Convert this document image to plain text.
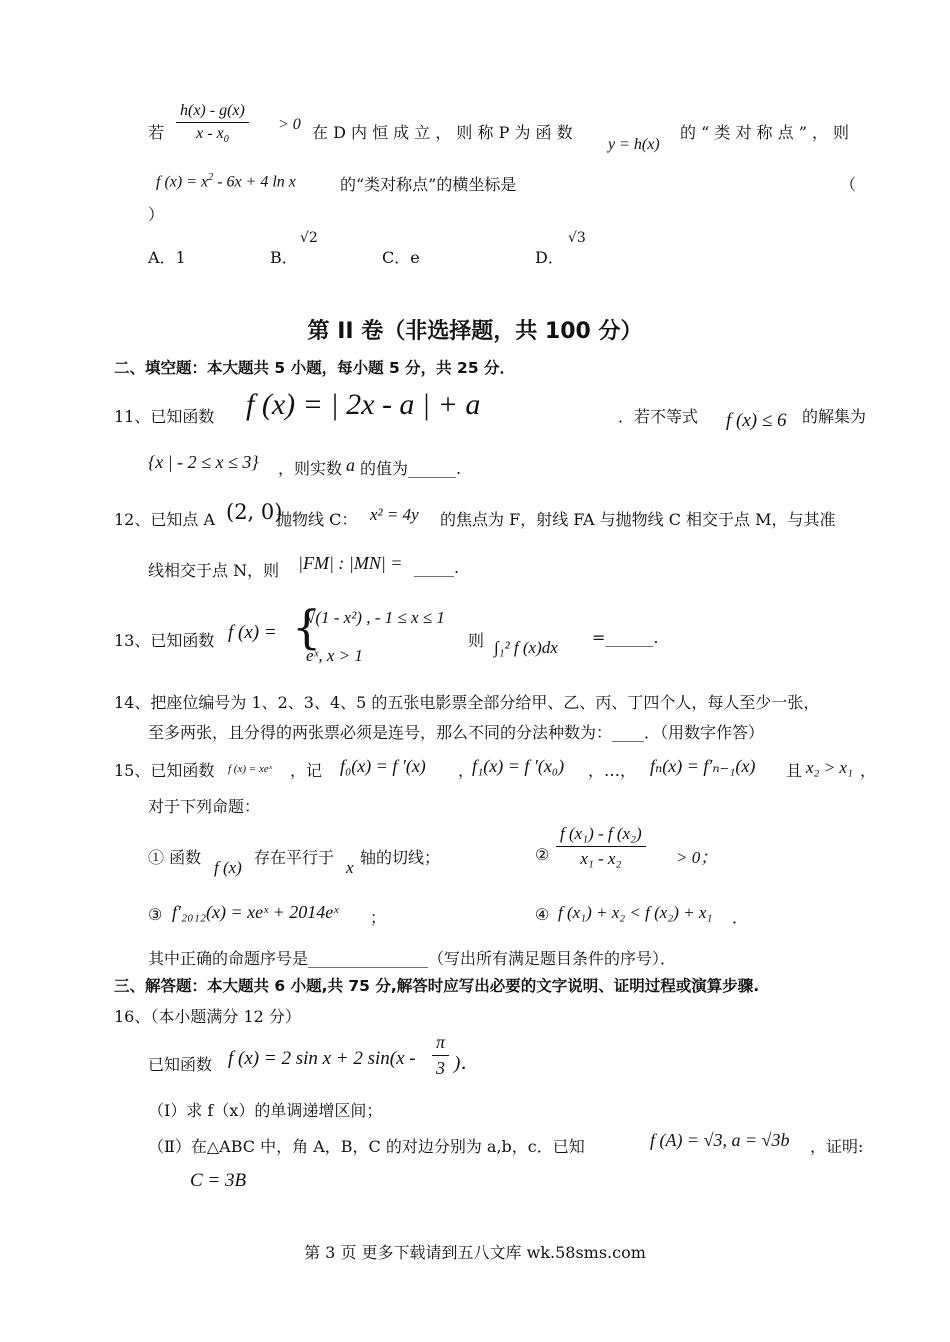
若 $\frac{h(x) - g(x)}{x - x_0} > 0$ 在 D 内 恒 成 立 ， 则 称 P 为 函 数
y = h(x)
的 “ 类 对 称 点 ” ， 则
f $(x) = x^2 - 6x + 4$ ln x	的“类对称点”的横坐标是	（
）
A．1	B．
√2
C．e	D．
√3
第 II 卷（非选择题，共 100 分）
二、填空题：本大题共 5 小题，每小题 5 分，共 25 分．
11、已知函数 f (x) = | 2x - a | + a	．若不等式 f (x) ≤ 6 的解集为
{x | - 2 ≤ x ≤ 3} ，则实数 a 的值为______.
12、已知点 A (2, 0)
抛物线 C： x² = 4y 的焦点为 F，射线 FA 与抛物线 C 相交于点 M，与其准
线相交于点 N，则 |FM| : |MN| = _____.
13、已知函数 f (x) = {
√(1 - x²) , - 1 ≤ x ≤ 1
eˣ, x > 1
则 ∫₁² f (x)dx
=______.
14、把座位编号为 1、2、3、4、5 的五张电影票全部分给甲、乙、丙、丁四个人，每人至少一张，
至多两张，且分得的两张票必须是连号，那么不同的分法种数为：____．（用数字作答）
15、已知函数 f (x) = xeˣ ，记 f₀(x) = f ′(x) ，
f₁(x) = f ′(x₀) ，…， fₙ(x) = f′ₙ₋₁(x) 且 x₂ > x₁ ，
对于下列命题：
① 函数
f (x)
存在平行于
x
轴的切线；	② $\frac{\text{f (x₁) - f (x₂)}}{\text{x₁ - x₂}} > 0$；
③ f′₂₀₁₂(x) = xeˣ + 2014eˣ ；	④ f (x₁) + x₂ < f (x₂) + x₁ ．
其中正确的命题序号是_______________（写出所有满足题目条件的序号）．
三、解答题：本大题共 6 小题,共 75 分,解答时应写出必要的文字说明、证明过程或演算步骤.
16、（本小题满分 12 分）
已知函数 f (x) = 2 sin x + 2 $\sin(x - \frac{\pi}{3}$ )．
（Ⅰ）求 f（x）的单调递增区间；
（Ⅱ）在△ABC 中，角 A，B，C 的对边分别为 a,b，c．已知	f (A) = √3, a = √3b ，证明:
C = 3B
第 3 页 更多下载请到五八文库 wk.58sms.com
